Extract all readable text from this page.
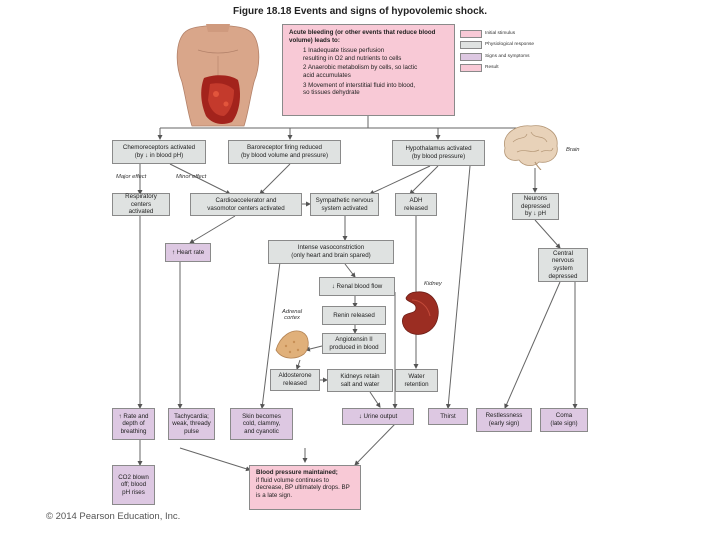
Figure 18.18 Events and signs of hypovolemic shock.
Initial stimulus
Physiological response
Signs and symptoms
Result
Acute bleeding (or other events that reduce blood volume) leads to:
1 Inadequate tissue perfusion
resulting in O2 and nutrients to cells
2 Anaerobic metabolism by cells, so lactic
acid accumulates
3 Movement of interstitial fluid into blood,
so tissues dehydrate
Brain
Chemoreceptors activated
(by ↓ in blood pH)
Baroreceptor firing reduced
(by blood volume and pressure)
Hypothalamus activated
(by blood pressure)
Major effect	Minor effect
Respiratory centers
activated
Cardioaccelerator and
vasomotor centers activated
Sympathetic nervous
system activated
ADH
released
Neurons
depressed
by ↓ pH
↑ Heart rate
Intense vasoconstriction
(only heart and brain spared)	Central
nervous system
depressed
↓ Renal blood flow	Kidney
Adrenal
cortex	Renin released
Angiotensin II
produced in blood
Aldosterone
released
Kidneys retain
salt and water
Water
retention
↑ Rate and
depth of
breathing
Tachycardia;
weak, thready
pulse
Skin becomes
cold, clammy,
and cyanotic
↓ Urine output	Thirst	Restlessness
(early sign)
Coma
(late sign)
CO2 blown
off; blood
pH rises
Blood pressure maintained;
if fluid volume continues to decrease, BP ultimately drops. BP is a late sign.
© 2014 Pearson Education, Inc.
